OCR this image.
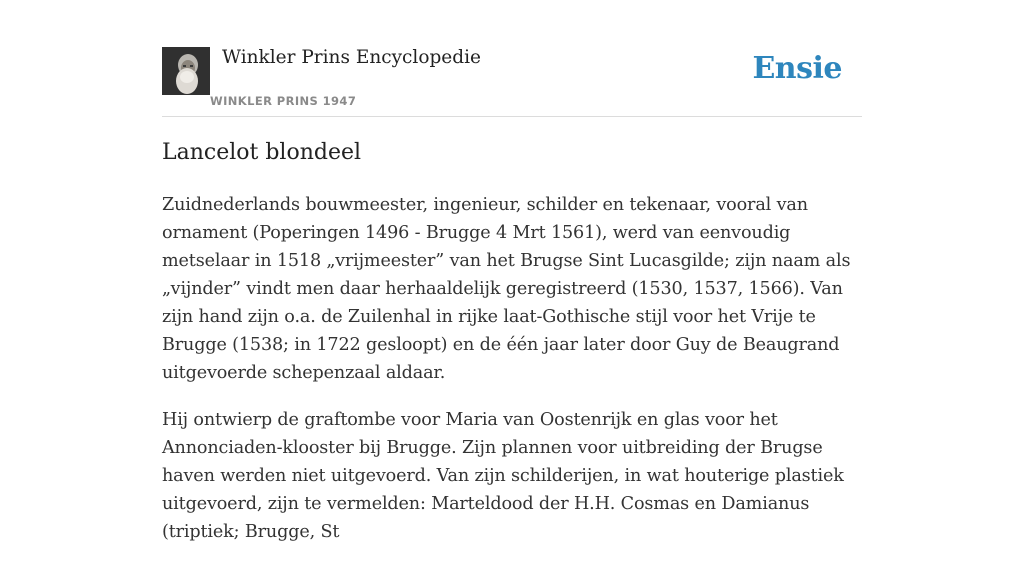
Winkler Prins Encyclopedie
WINKLER PRINS 1947
Ensie
Lancelot blondeel

Zuidnederlands bouwmeester, ingenieur, schilder en tekenaar, vooral van ornament (Poperingen 1496 - Brugge 4 Mrt 1561), werd van eenvoudig metselaar in 1518 „vrijmeester” van het Brugse Sint Lucasgilde; zijn naam als „vijnder” vindt men daar herhaaldelijk geregistreerd (1530, 1537, 1566). Van zijn hand zijn o.a. de Zuilenhal in rijke laat-Gothische stijl voor het Vrije te Brugge (1538; in 1722 gesloopt) en de één jaar later door Guy de Beaugrand uitgevoerde schepenzaal aldaar.

Hij ontwierp de graftombe voor Maria van Oostenrijk en glas voor het Annonciaden-klooster bij Brugge. Zijn plannen voor uitbreiding der Brugse haven werden niet uitgevoerd. Van zijn schilderijen, in wat houterige plastiek uitgevoerd, zijn te vermelden: Marteldood der H.H. Cosmas en Damianus (triptiek; Brugge, St
